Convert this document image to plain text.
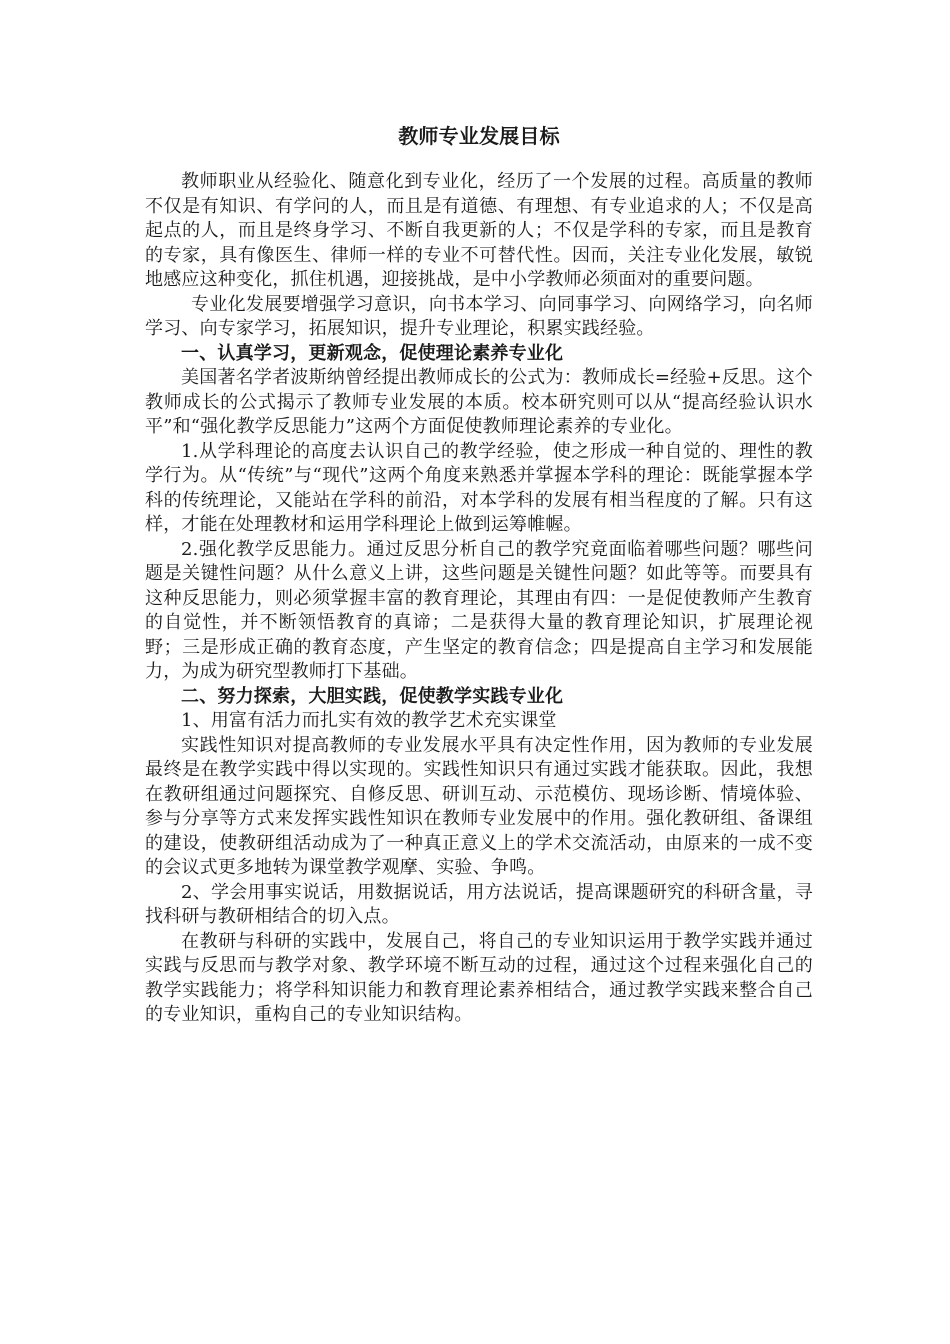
教师专业发展目标

教师职业从经验化、随意化到专业化，经历了一个发展的过程。高质量的教师不仅是有知识、有学问的人，而且是有道德、有理想、有专业追求的人；不仅是高起点的人，而且是终身学习、不断自我更新的人；不仅是学科的专家，而且是教育的专家，具有像医生、律师一样的专业不可替代性。因而，关注专业化发展，敏锐地感应这种变化，抓住机遇，迎接挑战，是中小学教师必须面对的重要问题。

专业化发展要增强学习意识，向书本学习、向同事学习、向网络学习，向名师学习、向专家学习，拓展知识，提升专业理论，积累实践经验。

一、认真学习，更新观念，促使理论素养专业化

美国著名学者波斯纳曾经提出教师成长的公式为：教师成长=经验+反思。这个教师成长的公式揭示了教师专业发展的本质。校本研究则可以从“提高经验认识水平”和“强化教学反思能力”这两个方面促使教师理论素养的专业化。

1.从学科理论的高度去认识自己的教学经验，使之形成一种自觉的、理性的教学行为。从“传统”与“现代”这两个角度来熟悉并掌握本学科的理论：既能掌握本学科的传统理论，又能站在学科的前沿，对本学科的发展有相当程度的了解。只有这样，才能在处理教材和运用学科理论上做到运筹帷幄。

2.强化教学反思能力。通过反思分析自己的教学究竟面临着哪些问题？哪些问题是关键性问题？从什么意义上讲，这些问题是关键性问题？如此等等。而要具有这种反思能力，则必须掌握丰富的教育理论，其理由有四：一是促使教师产生教育的自觉性，并不断领悟教育的真谛；二是获得大量的教育理论知识，扩展理论视野；三是形成正确的教育态度，产生坚定的教育信念；四是提高自主学习和发展能力，为成为研究型教师打下基础。

二、努力探索，大胆实践，促使教学实践专业化

1、用富有活力而扎实有效的教学艺术充实课堂

实践性知识对提高教师的专业发展水平具有决定性作用，因为教师的专业发展最终是在教学实践中得以实现的。实践性知识只有通过实践才能获取。因此，我想在教研组通过问题探究、自修反思、研训互动、示范模仿、现场诊断、情境体验、参与分享等方式来发挥实践性知识在教师专业发展中的作用。强化教研组、备课组的建设，使教研组活动成为了一种真正意义上的学术交流活动，由原来的一成不变的会议式更多地转为课堂教学观摩、实验、争鸣。

2、学会用事实说话，用数据说话，用方法说话，提高课题研究的科研含量，寻找科研与教研相结合的切入点。

在教研与科研的实践中，发展自己，将自己的专业知识运用于教学实践并通过实践与反思而与教学对象、教学环境不断互动的过程，通过这个过程来强化自己的教学实践能力；将学科知识能力和教育理论素养相结合，通过教学实践来整合自己的专业知识，重构自己的专业知识结构。
